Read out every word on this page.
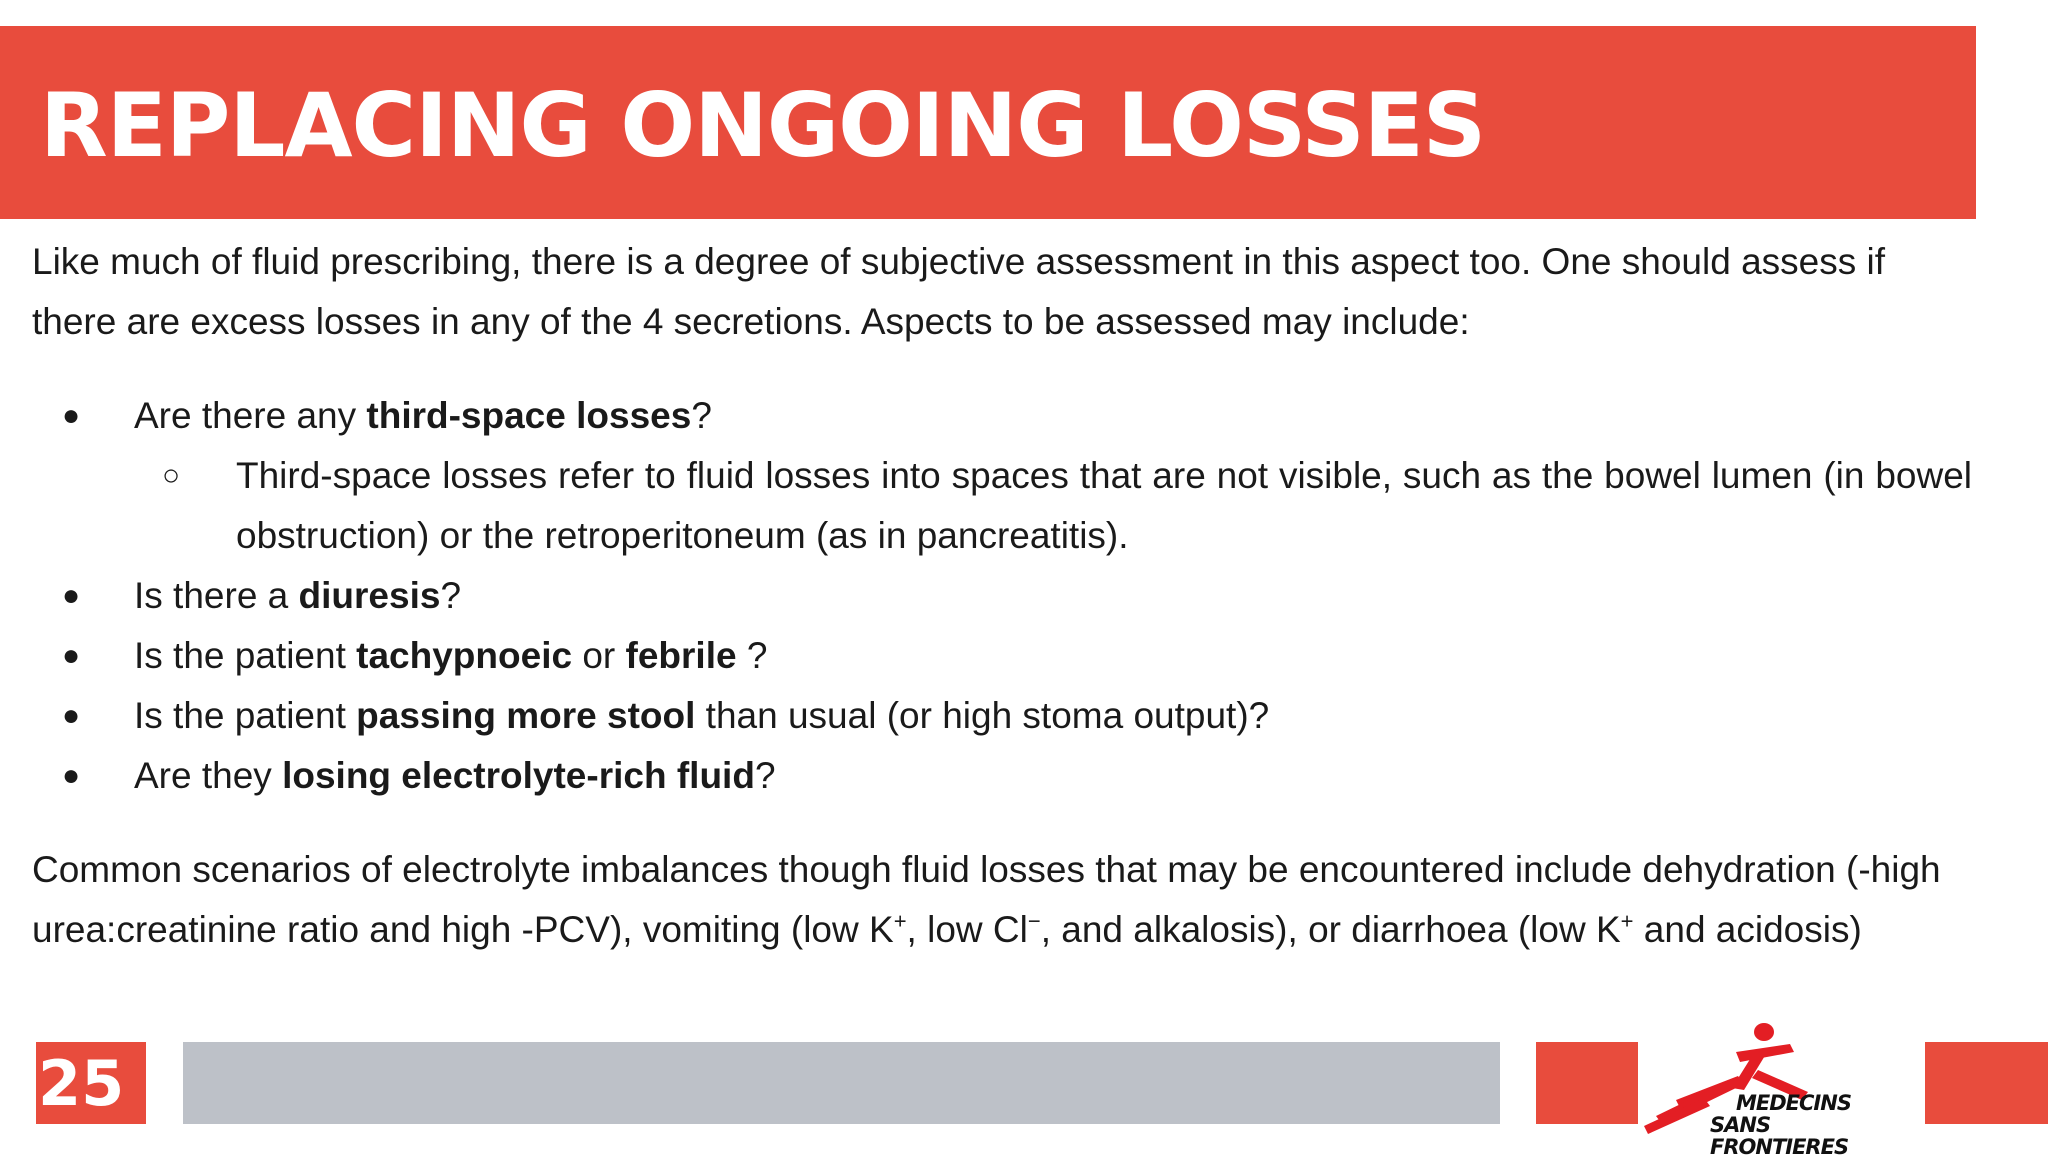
REPLACING ONGOING LOSSES

Like much of fluid prescribing, there is a degree of subjective assessment in this aspect too. One should assess if there are excess losses in any of the 4 secretions. Aspects to be assessed may include:

● Are there any third-space losses?
○ Third-space losses refer to fluid losses into spaces that are not visible, such as the bowel lumen (in bowel obstruction) or the retroperitoneum (as in pancreatitis).
● Is there a diuresis?
● Is the patient tachypnoeic or febrile ?
● Is the patient passing more stool than usual (or high stoma output)?
● Are they losing electrolyte-rich fluid?

Common scenarios of electrolyte imbalances though fluid losses that may be encountered include dehydration (-high urea:creatinine ratio and high -PCV), vomiting (low K+, low Cl−, and alkalosis), or diarrhoea (low K+ and acidosis)

25	MEDECINS
SANS FRONTIERES
